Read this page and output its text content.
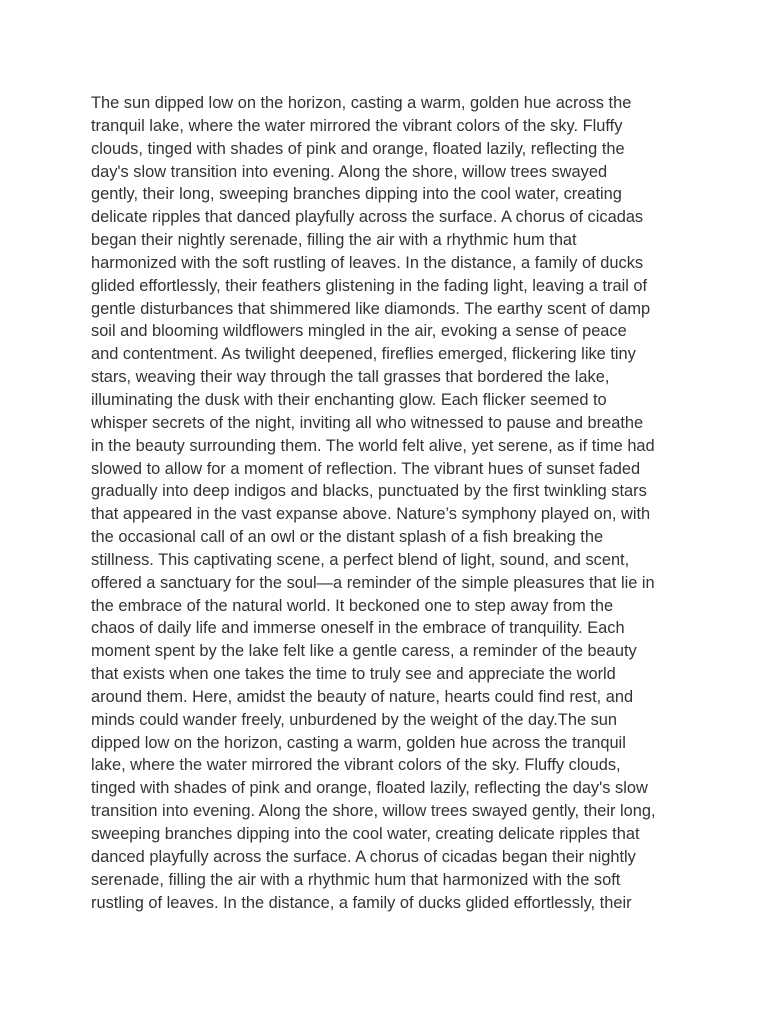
The sun dipped low on the horizon, casting a warm, golden hue across the
tranquil lake, where the water mirrored the vibrant colors of the sky. Fluffy
clouds, tinged with shades of pink and orange, floated lazily, reflecting the
day's slow transition into evening. Along the shore, willow trees swayed
gently, their long, sweeping branches dipping into the cool water, creating
delicate ripples that danced playfully across the surface. A chorus of cicadas
began their nightly serenade, filling the air with a rhythmic hum that
harmonized with the soft rustling of leaves. In the distance, a family of ducks
glided effortlessly, their feathers glistening in the fading light, leaving a trail of
gentle disturbances that shimmered like diamonds. The earthy scent of damp
soil and blooming wildflowers mingled in the air, evoking a sense of peace
and contentment. As twilight deepened, fireflies emerged, flickering like tiny
stars, weaving their way through the tall grasses that bordered the lake,
illuminating the dusk with their enchanting glow. Each flicker seemed to
whisper secrets of the night, inviting all who witnessed to pause and breathe
in the beauty surrounding them. The world felt alive, yet serene, as if time had
slowed to allow for a moment of reflection. The vibrant hues of sunset faded
gradually into deep indigos and blacks, punctuated by the first twinkling stars
that appeared in the vast expanse above. Nature’s symphony played on, with
the occasional call of an owl or the distant splash of a fish breaking the
stillness. This captivating scene, a perfect blend of light, sound, and scent,
offered a sanctuary for the soul—a reminder of the simple pleasures that lie in
the embrace of the natural world. It beckoned one to step away from the
chaos of daily life and immerse oneself in the embrace of tranquility. Each
moment spent by the lake felt like a gentle caress, a reminder of the beauty
that exists when one takes the time to truly see and appreciate the world
around them. Here, amidst the beauty of nature, hearts could find rest, and
minds could wander freely, unburdened by the weight of the day.The sun
dipped low on the horizon, casting a warm, golden hue across the tranquil
lake, where the water mirrored the vibrant colors of the sky. Fluffy clouds,
tinged with shades of pink and orange, floated lazily, reflecting the day's slow
transition into evening. Along the shore, willow trees swayed gently, their long,
sweeping branches dipping into the cool water, creating delicate ripples that
danced playfully across the surface. A chorus of cicadas began their nightly
serenade, filling the air with a rhythmic hum that harmonized with the soft
rustling of leaves. In the distance, a family of ducks glided effortlessly, their
